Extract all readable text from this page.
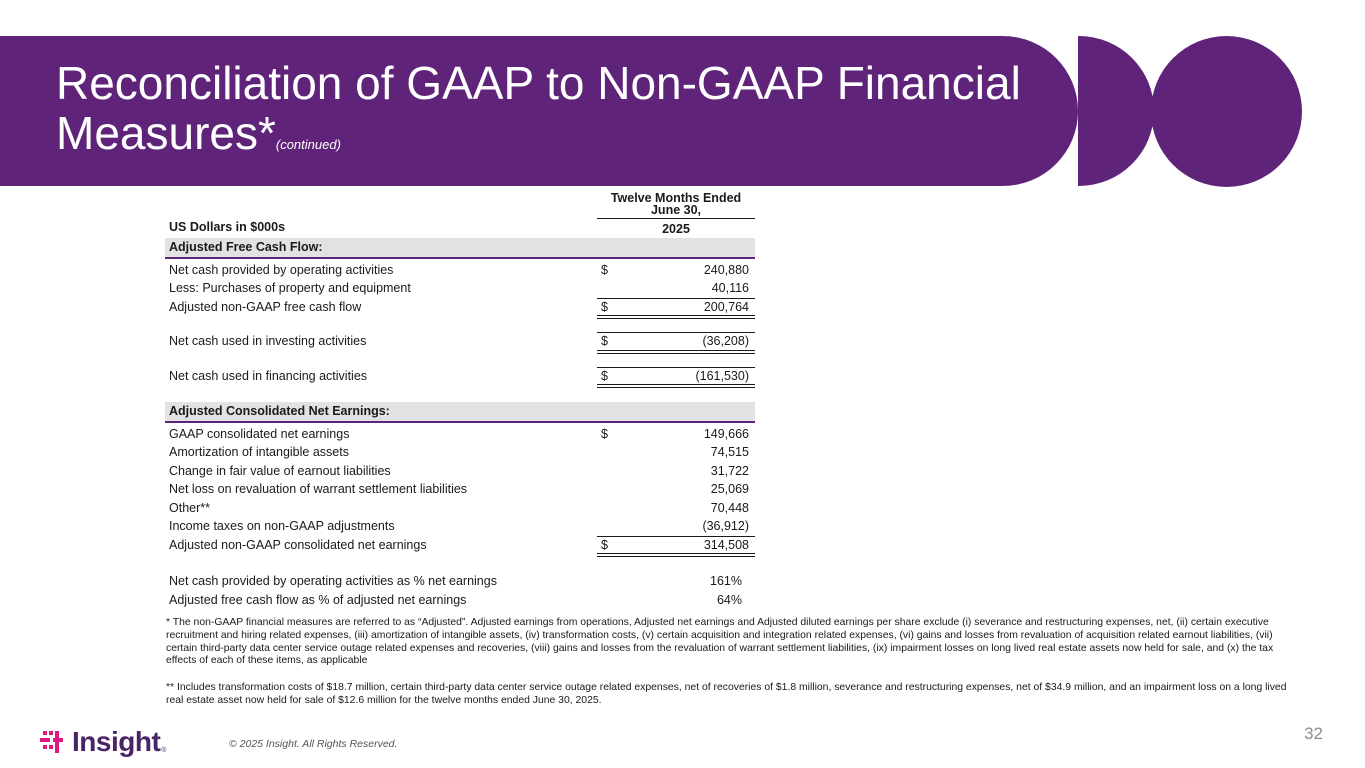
Reconciliation of GAAP to Non-GAAP Financial Measures*(continued)
Twelve Months Ended June 30,
US Dollars in $000s	2025
Adjusted Free Cash Flow:
Net cash provided by operating activities	$	240,880
Less: Purchases of property and equipment	40,116
Adjusted non-GAAP free cash flow	$	200,764
Net cash used in investing activities	$	(36,208)
Net cash used in financing activities	$	(161,530)
Adjusted Consolidated Net Earnings:
GAAP consolidated net earnings	$	149,666
Amortization of intangible assets	74,515
Change in fair value of earnout liabilities	31,722
Net loss on revaluation of warrant settlement liabilities	25,069
Other**	70,448
Income taxes on non-GAAP adjustments	(36,912)
Adjusted non-GAAP consolidated net earnings	$	314,508
Net cash provided by operating activities as % net earnings	161%
Adjusted free cash flow as % of adjusted net earnings	64%

* The non-GAAP financial measures are referred to as “Adjusted”. Adjusted earnings from operations, Adjusted net earnings and Adjusted diluted earnings per share exclude (i) severance and restructuring expenses, net, (ii) certain executive recruitment and hiring related expenses, (iii) amortization of intangible assets, (iv) transformation costs, (v) certain acquisition and integration related expenses, (vi) gains and losses from revaluation of acquisition related earnout liabilities, (vii) certain third-party data center service outage related expenses and recoveries, (viii) gains and losses from the revaluation of warrant settlement liabilities, (ix) impairment losses on long lived real estate assets now held for sale, and (x) the tax effects of each of these items, as applicable

** Includes transformation costs of $18.7 million, certain third-party data center service outage related expenses, net of recoveries of $1.8 million, severance and restructuring expenses, net of $34.9 million, and an impairment loss on a long lived real estate asset now held for sale of $12.6 million for the twelve months ended June 30, 2025.

Insight ®
© 2025 Insight. All Rights Reserved.
32
